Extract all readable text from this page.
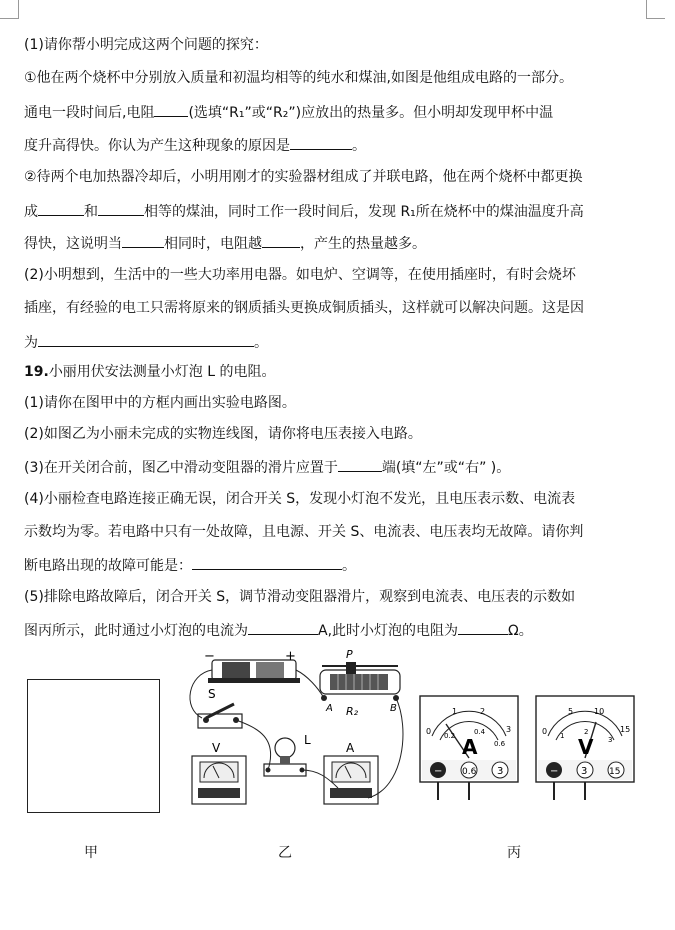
(1)请你帮小明完成这两个问题的探究：
①他在两个烧杯中分别放入质量和初温均相等的纯水和煤油,如图是他组成电路的一部分。
通电一段时间后,电阻 (选填“R₁”或“R₂”)应放出的热量多。但小明却发现甲杯中温
度升高得快。你认为产生这种现象的原因是	。
②待两个电加热器冷却后，小明用刚才的实验器材组成了并联电路，他在两个烧杯中都更换
成	和	相等的煤油，同时工作一段时间后，发现 R₁所在烧杯中的煤油温度升高
得快，这说明当	相同时，电阻越	，产生的热量越多。
(2)小明想到，生活中的一些大功率用电器。如电炉、空调等，在使用插座时，有时会烧坏
插座，有经验的电工只需将原来的钢质插头更换成铜质插头，这样就可以解决问题。这是因
为	。
19.小丽用伏安法测量小灯泡 L 的电阻。
(1)请你在图甲中的方框内画出实验电路图。
(2)如图乙为小丽未完成的实物连线图，请你将电压表接入电路。
(3)在开关闭合前，图乙中滑动变阻器的滑片应置于	端(填“左”或“右” )。
(4)小丽检查电路连接正确无误，闭合开关 S，发现小灯泡不发光，且电压表示数、电流表
示数均为零。若电路中只有一处故障，且电源、开关 S、电流表、电压表均无故障。请你判
断电路出现的故障可能是：	。
(5)排除电路故障后，闭合开关 S，调节滑动变阻器滑片，观察到电流表、电压表的示数如
图丙所示，此时通过小灯泡的电流为	A,此时小灯泡的电阻为	Ω。
−	+	P
A R₂	B
S
V
L
A	A
0
1	2
3
0.2	0.4
0.6
− 0.6 3
V
0
5	10
15
1	2
3
− 3 15
甲	乙	丙
